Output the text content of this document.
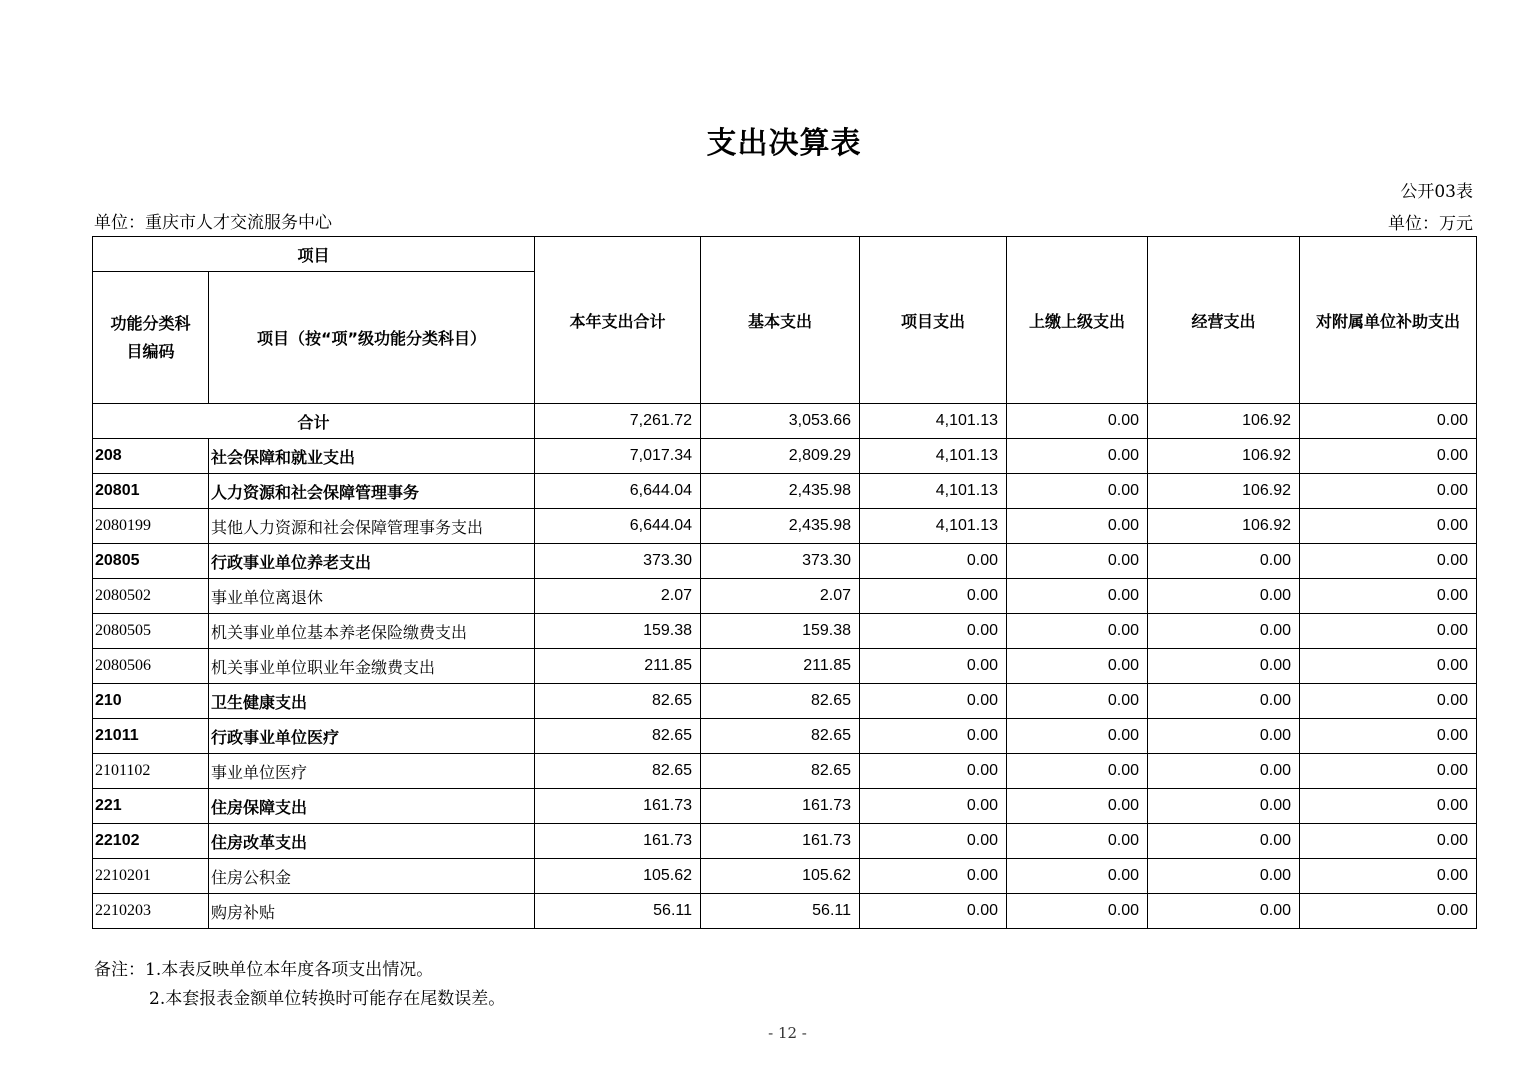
支出决算表
公开03表
单位：重庆市人才交流服务中心	单位：万元
项目		本年支出合计	基本支出	项目支出	上缴上级支出	经营支出	对附属单位补助支出
功能分类科目编码	项目（按“项”级功能分类科目）						
合计		7,261.72	3,053.66	4,101.13	0.00	106.92	0.00
208	社会保障和就业支出	7,017.34	2,809.29	4,101.13	0.00	106.92	0.00
20801	人力资源和社会保障管理事务	6,644.04	2,435.98	4,101.13	0.00	106.92	0.00
2080199	其他人力资源和社会保障管理事务支出	6,644.04	2,435.98	4,101.13	0.00	106.92	0.00
20805	行政事业单位养老支出	373.30	373.30	0.00	0.00	0.00	0.00
2080502	事业单位离退休	2.07	2.07	0.00	0.00	0.00	0.00
2080505	机关事业单位基本养老保险缴费支出	159.38	159.38	0.00	0.00	0.00	0.00
2080506	机关事业单位职业年金缴费支出	211.85	211.85	0.00	0.00	0.00	0.00
210	卫生健康支出	82.65	82.65	0.00	0.00	0.00	0.00
21011	行政事业单位医疗	82.65	82.65	0.00	0.00	0.00	0.00
2101102	事业单位医疗	82.65	82.65	0.00	0.00	0.00	0.00
221	住房保障支出	161.73	161.73	0.00	0.00	0.00	0.00
22102	住房改革支出	161.73	161.73	0.00	0.00	0.00	0.00
2210201	住房公积金	105.62	105.62	0.00	0.00	0.00	0.00
2210203	购房补贴	56.11	56.11	0.00	0.00	0.00	0.00
备注：1.本表反映单位本年度各项支出情况。
2.本套报表金额单位转换时可能存在尾数误差。
- 12 -
